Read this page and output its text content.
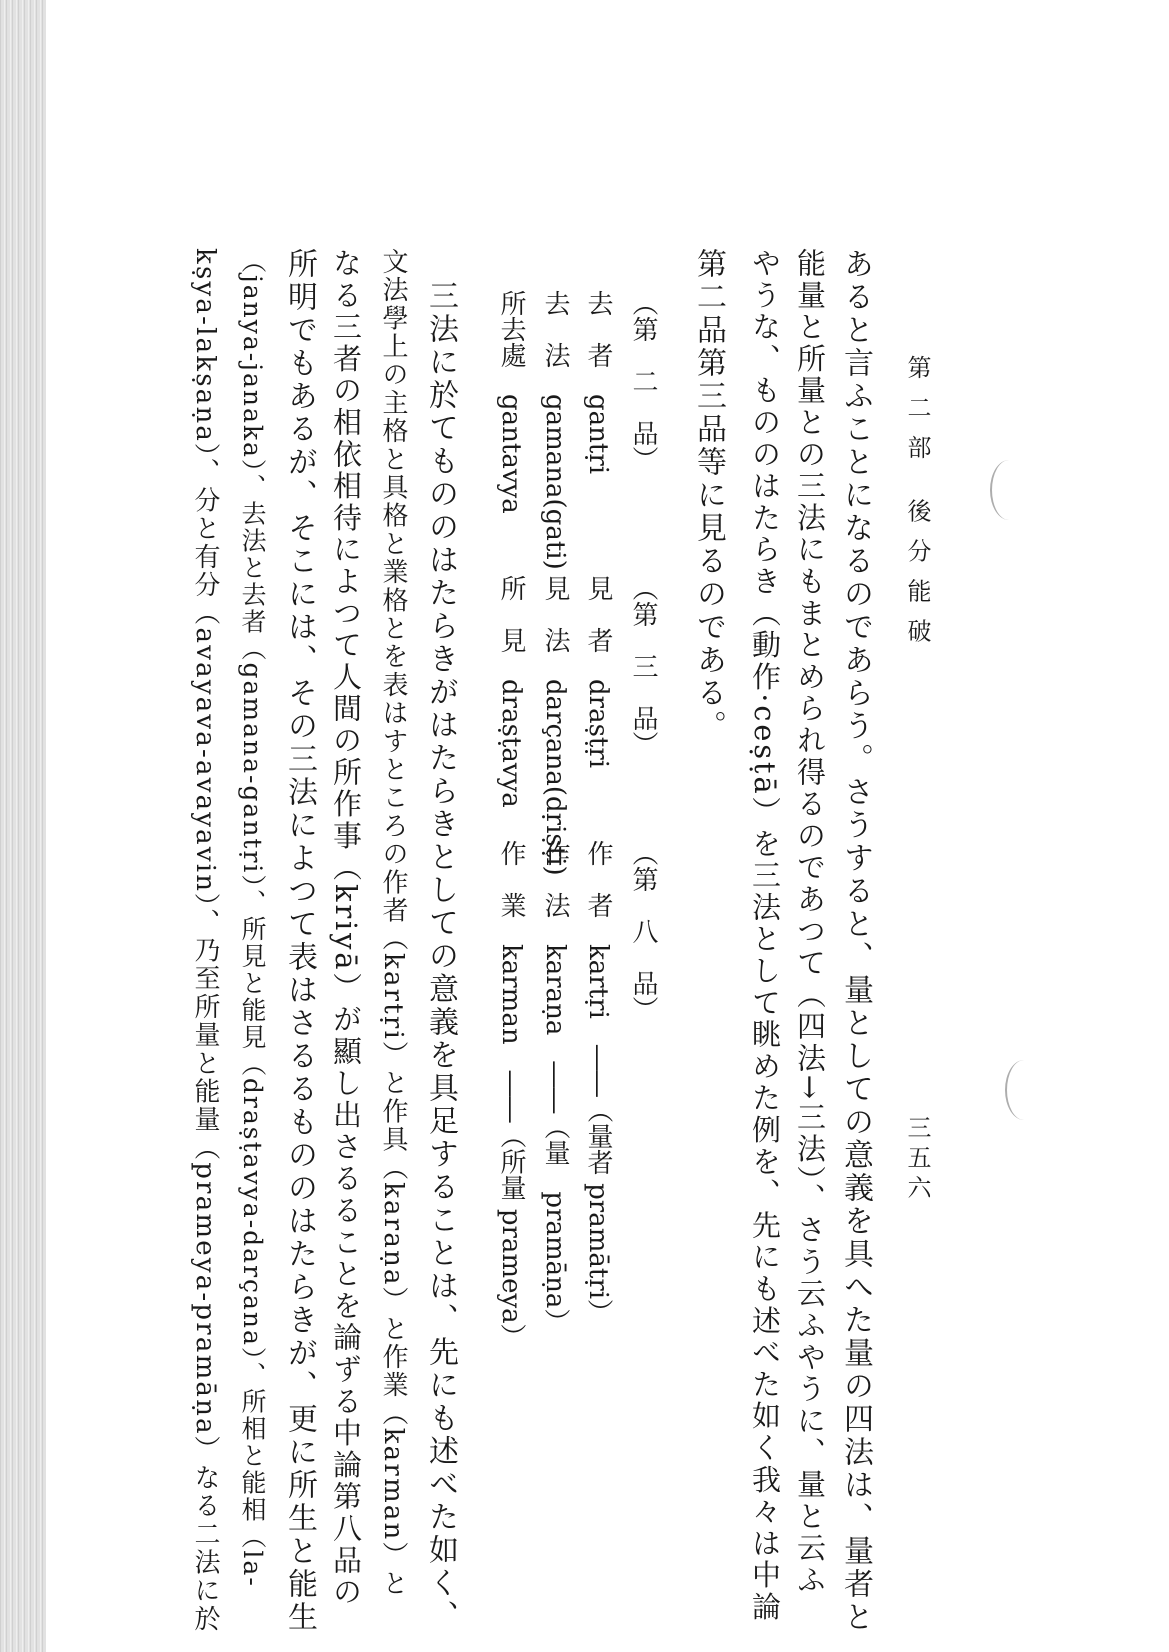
第二部 後分能破
三五六
あると言ふことになるのであらう。さうすると、量としての意義を具へた量の四法は、量者と
能量と所量との三法にもまとめられ得るのであつて（四法→三法）、さう云ふやうに、量と云ふ
やうな、もののはたらき（動作·ceṣṭā）を三法として眺めた例を、先にも述べた如く我々は中論
第二品第三品等に見るのである。
（第　二　品）
去　者　gantṛi
去　法　gamana(gati)
所去處　gantavya
（第　三　品）
見　者　draṣṭṛi
見　法　darçana(dṛiṣṭi)
所　見　draṣṭavya
（第　八　品）
作　者　kartṛi　――（量者 pramātṛi）
作　法　karaṇa　――（量　pramāṇa）
作　業　karman　――（所量 prameya）
三法に於てもののはたらきがはたらきとしての意義を具足することは、先にも述べた如く、
文法學上の主格と具格と業格とを表はすところの作者（kartṛi）と作具（karaṇa）と作業（karman）と
なる三者の相依相待によつて人間の所作事（kriyā）が顯し出さるることを論ずる中論第八品の
所明でもあるが、そこには、その三法によつて表はさるるもののはたらきが、更に所生と能生
（janya-janaka）、去法と去者（gamana-gantṛi）、所見と能見（draṣṭavya-darçana）、所相と能相（la-
kṣya-lakṣaṇa）、分と有分（avayava-avayavin）、乃至所量と能量（prameya-pramāṇa）なる二法に於
